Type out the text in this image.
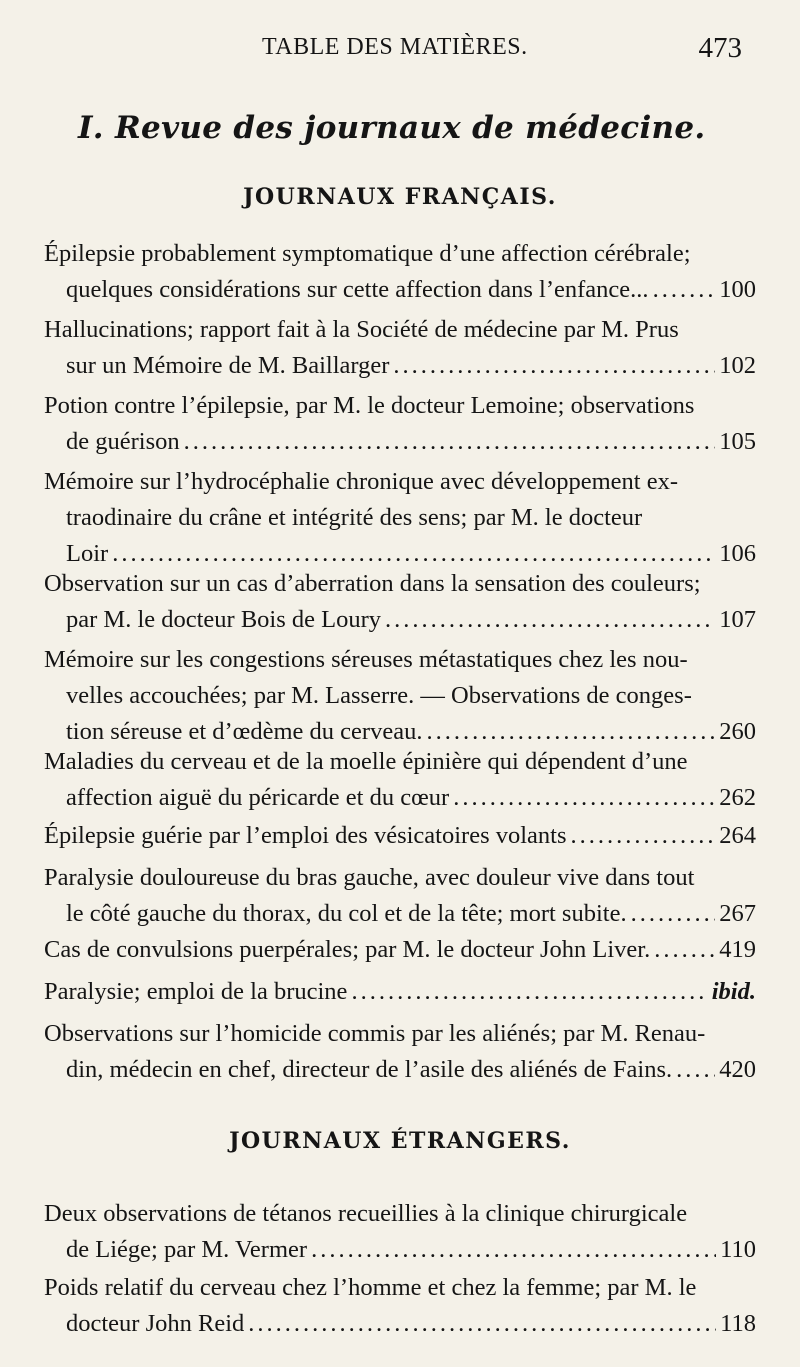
TABLE DES MATIÈRES.	473
I. Revue des journaux de médecine.
JOURNAUX FRANÇAIS.
Épilepsie probablement symptomatique d’une affection cérébrale;
quelques considérations sur cette affection dans l’enfance... .....	100
Hallucinations; rapport fait à la Société de médecine par M. Prus
sur un Mémoire de M. Baillarger .....	102
Potion contre l’épilepsie, par M. le docteur Lemoine; observations
de guérison .....	105
Mémoire sur l’hydrocéphalie chronique avec développement ex-
traodinaire du crâne et intégrité des sens; par M. le docteur
Loir .....	106
Observation sur un cas d’aberration dans la sensation des couleurs;
par M. le docteur Bois de Loury .....	107
Mémoire sur les congestions séreuses métastatiques chez les nou-
velles accouchées; par M. Lasserre. — Observations de conges-
tion séreuse et d’œdème du cerveau. .....	260
Maladies du cerveau et de la moelle épinière qui dépendent d’une
affection aiguë du péricarde et du cœur .....	262
Épilepsie guérie par l’emploi des vésicatoires volants .....	264
Paralysie douloureuse du bras gauche, avec douleur vive dans tout
le côté gauche du thorax, du col et de la tête; mort subite. .....	267
Cas de convulsions puerpérales; par M. le docteur John Liver. .....	419
Paralysie; emploi de la brucine .....	ibid.
Observations sur l’homicide commis par les aliénés; par M. Renau-
din, médecin en chef, directeur de l’asile des aliénés de Fains. ..... 420
JOURNAUX ÉTRANGERS.
Deux observations de tétanos recueillies à la clinique chirurgicale
de Liége; par M. Vermer .....	110
Poids relatif du cerveau chez l’homme et chez la femme; par M. le
docteur John Reid .....	118
